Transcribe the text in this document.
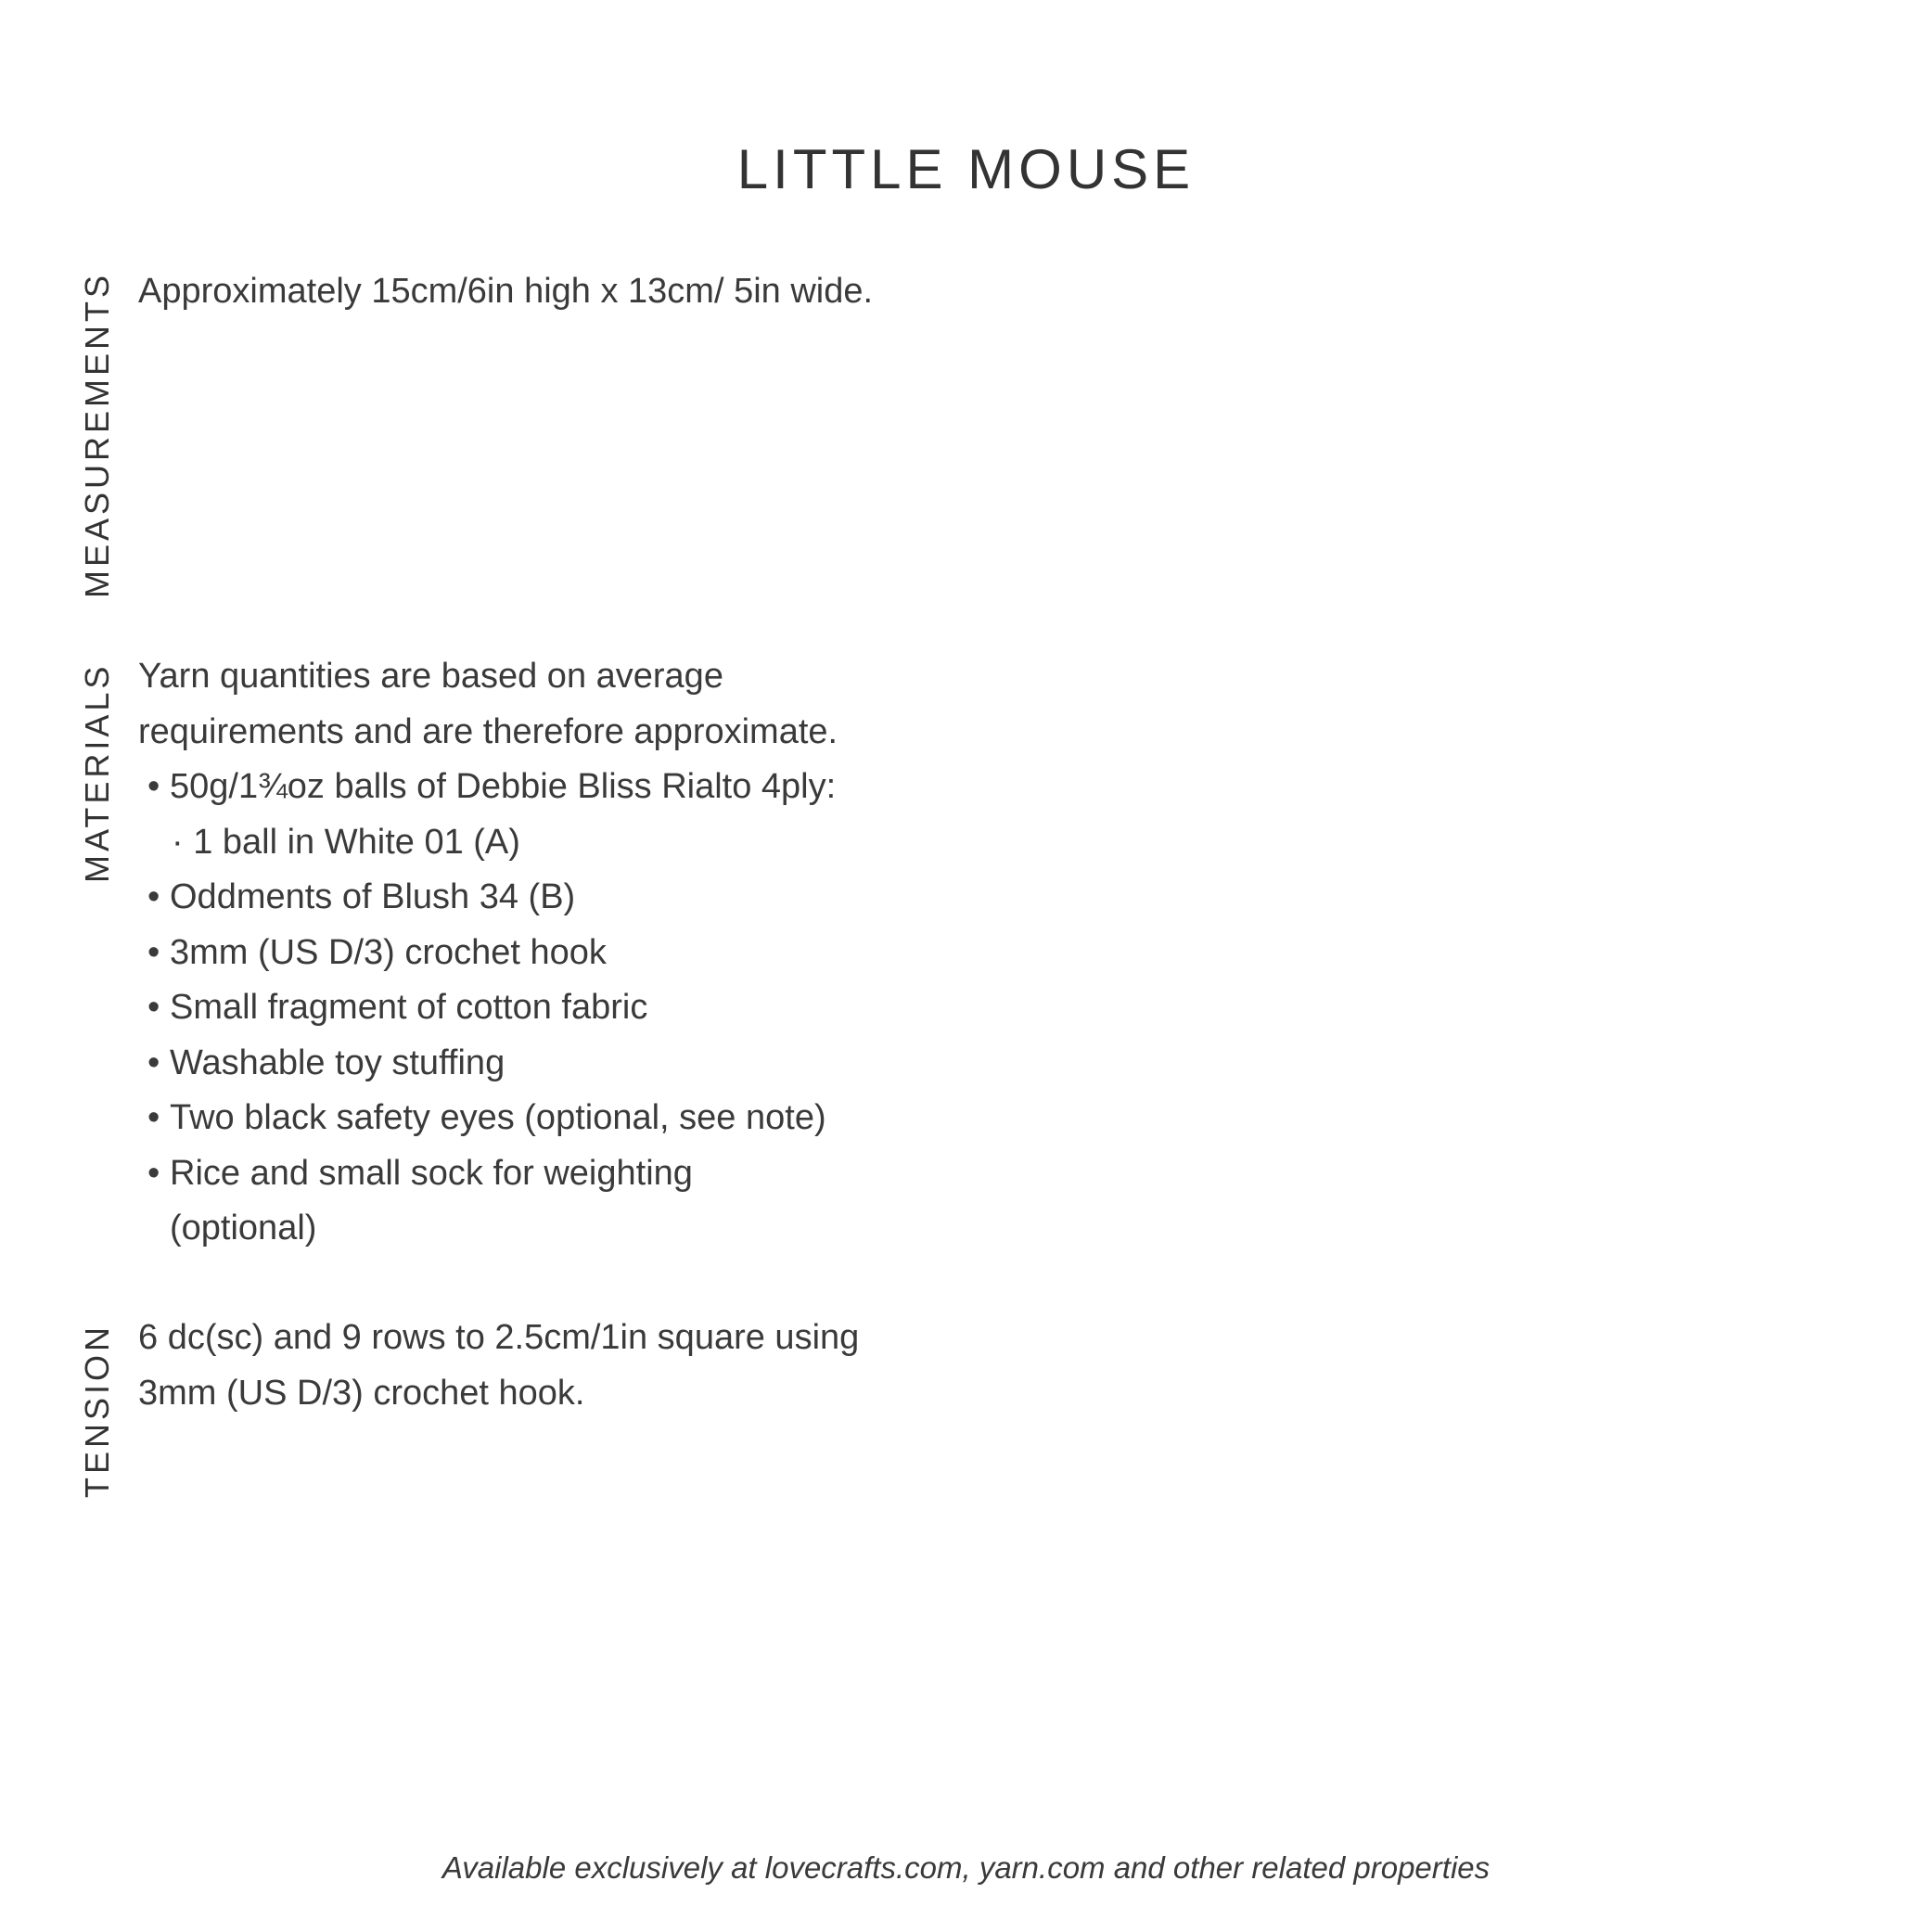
LITTLE MOUSE
MEASUREMENTS Approximately 15cm/6in high x 13cm/ 5in wide.
MATERIALS Yarn quantities are based on average
requirements and are therefore approximate.
• 50g/1¾oz balls of Debbie Bliss Rialto 4ply:
· 1 ball in White 01 (A)
• Oddments of Blush 34 (B)
• 3mm (US D/3) crochet hook
• Small fragment of cotton fabric
• Washable toy stuffing
• Two black safety eyes (optional, see note)
• Rice and small sock for weighting
(optional)
TENSION 6 dc(sc) and 9 rows to 2.5cm/1in square using
3mm (US D/3) crochet hook.
Available exclusively at lovecrafts.com, yarn.com and other related properties
